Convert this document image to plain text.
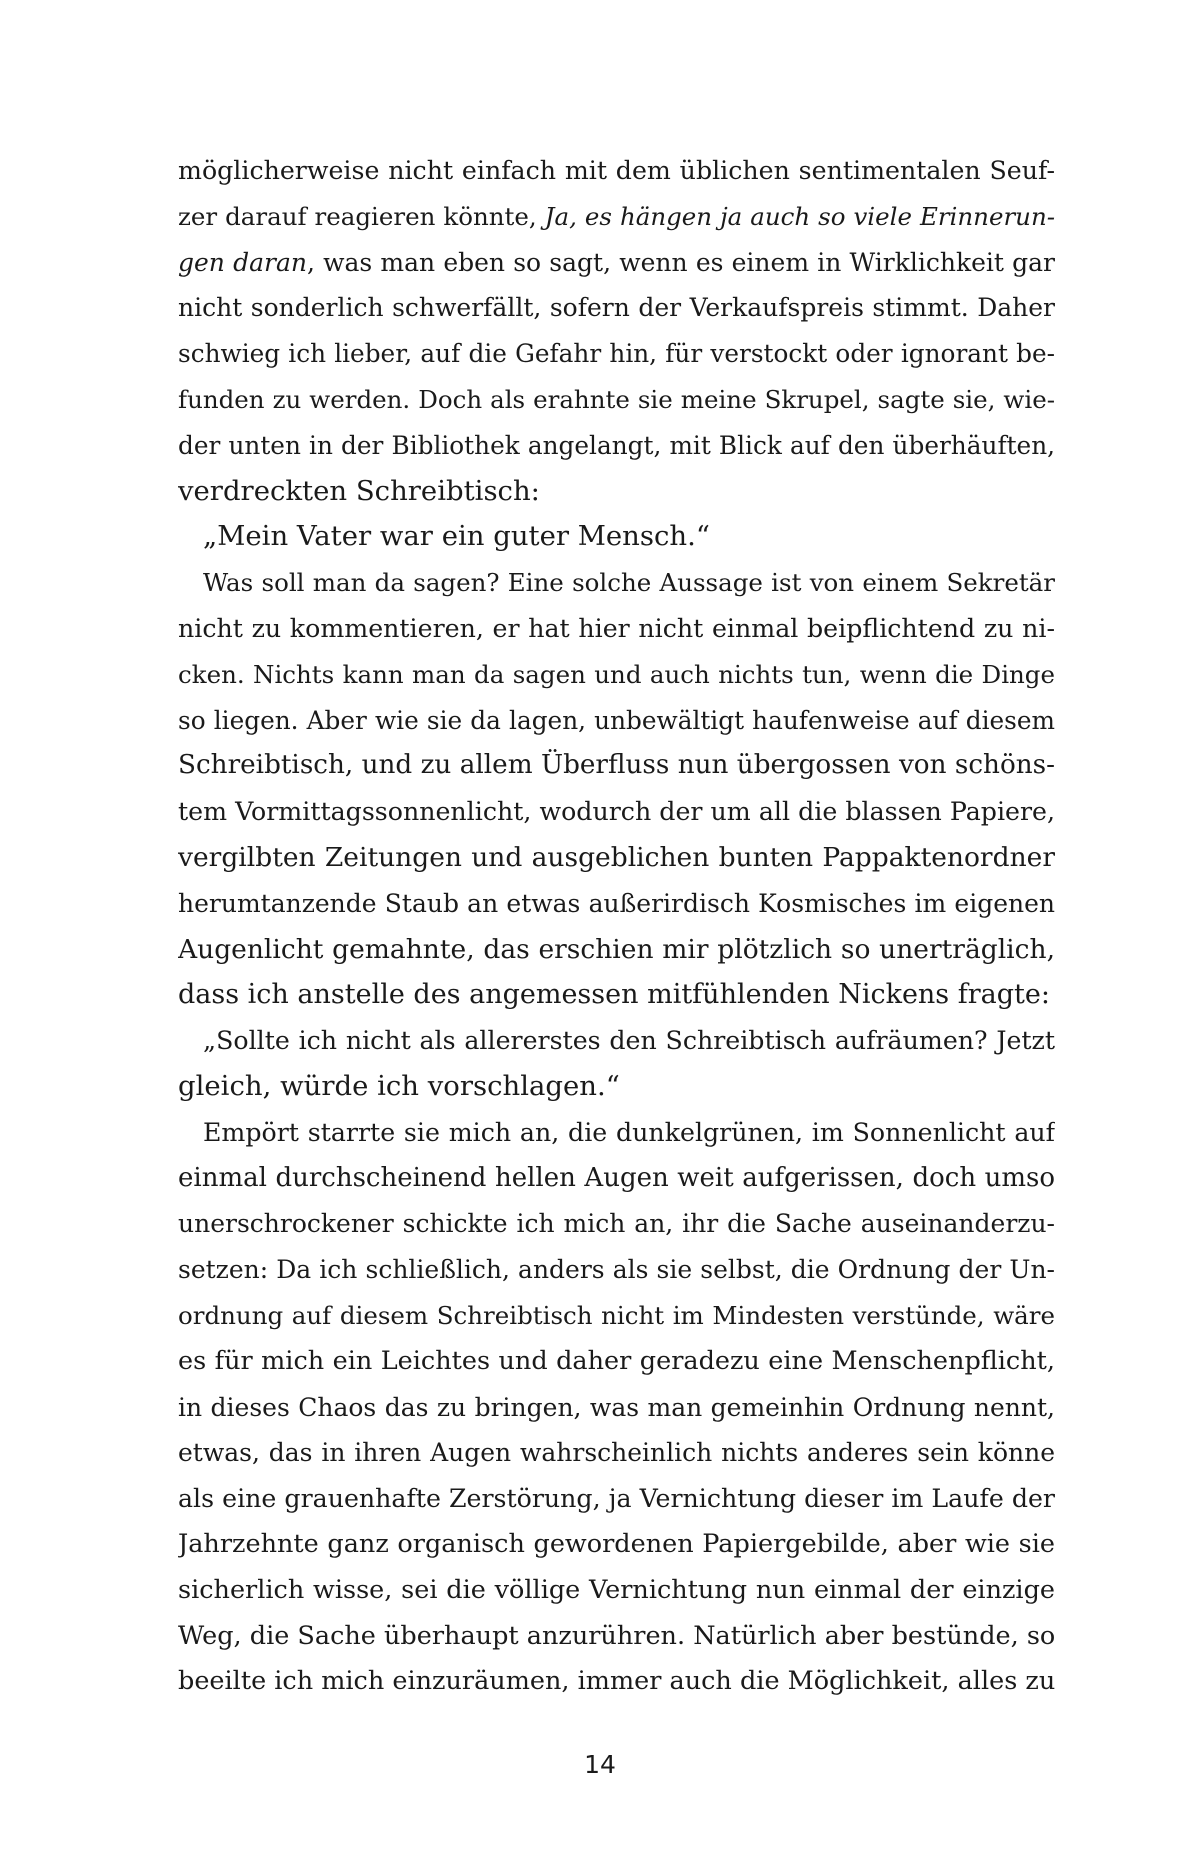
möglicherweise nicht einfach mit dem üblichen sentimentalen Seuf-
zer darauf reagieren könnte, Ja, es hängen ja auch so viele Erinnerun-
gen daran, was man eben so sagt, wenn es einem in Wirklichkeit gar
nicht sonderlich schwerfällt, sofern der Verkaufspreis stimmt. Daher
schwieg ich lieber, auf die Gefahr hin, für verstockt oder ignorant be-
funden zu werden. Doch als erahnte sie meine Skrupel, sagte sie, wie-
der unten in der Bibliothek angelangt, mit Blick auf den überhäuften,
verdreckten Schreibtisch:
„Mein Vater war ein guter Mensch.“
Was soll man da sagen? Eine solche Aussage ist von einem Sekretär
nicht zu kommentieren, er hat hier nicht einmal beipflichtend zu ni-
cken. Nichts kann man da sagen und auch nichts tun, wenn die Dinge
so liegen. Aber wie sie da lagen, unbewältigt haufenweise auf diesem
Schreibtisch, und zu allem Überfluss nun übergossen von schöns-
tem Vormittagssonnenlicht, wodurch der um all die blassen Papiere,
vergilbten Zeitungen und ausgeblichen bunten Pappaktenordner
herumtanzende Staub an etwas außerirdisch Kosmisches im eigenen
Augenlicht gemahnte, das erschien mir plötzlich so unerträglich,
dass ich anstelle des angemessen mitfühlenden Nickens fragte:
„Sollte ich nicht als allererstes den Schreibtisch aufräumen? Jetzt
gleich, würde ich vorschlagen.“
Empört starrte sie mich an, die dunkelgrünen, im Sonnenlicht auf
einmal durchscheinend hellen Augen weit aufgerissen, doch umso
unerschrockener schickte ich mich an, ihr die Sache auseinanderzu-
setzen: Da ich schließlich, anders als sie selbst, die Ordnung der Un-
ordnung auf diesem Schreibtisch nicht im Mindesten verstünde, wäre
es für mich ein Leichtes und daher geradezu eine Menschenpflicht,
in dieses Chaos das zu bringen, was man gemeinhin Ordnung nennt,
etwas, das in ihren Augen wahrscheinlich nichts anderes sein könne
als eine grauenhafte Zerstörung, ja Vernichtung dieser im Laufe der
Jahrzehnte ganz organisch gewordenen Papiergebilde, aber wie sie
sicherlich wisse, sei die völlige Vernichtung nun einmal der einzige
Weg, die Sache überhaupt anzurühren. Natürlich aber bestünde, so
beeilte ich mich einzuräumen, immer auch die Möglichkeit, alles zu
14
